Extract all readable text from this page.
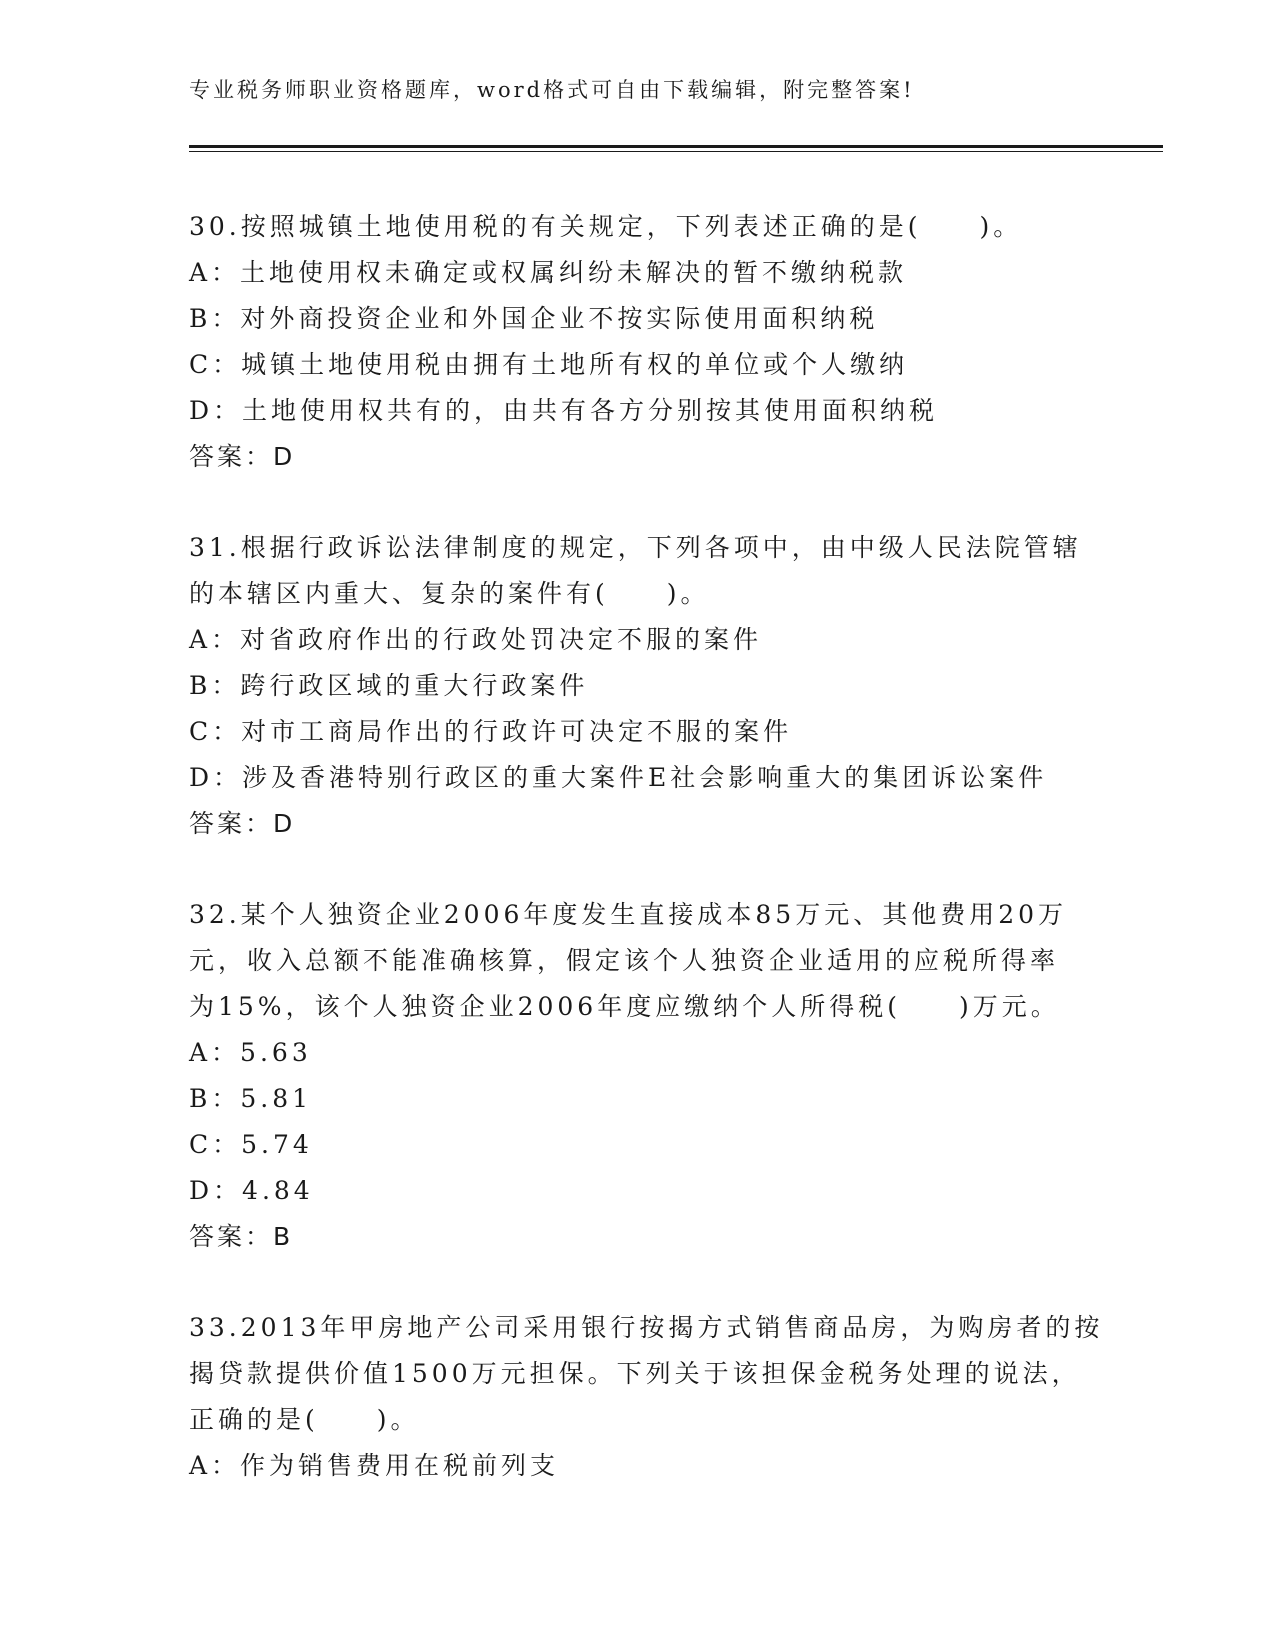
专业税务师职业资格题库，word格式可自由下载编辑，附完整答案!
30.按照城镇土地使用税的有关规定，下列表述正确的是(　　)。
A：土地使用权未确定或权属纠纷未解决的暂不缴纳税款
B：对外商投资企业和外国企业不按实际使用面积纳税
C：城镇土地使用税由拥有土地所有权的单位或个人缴纳
D：土地使用权共有的，由共有各方分别按其使用面积纳税
答案：D
31.根据行政诉讼法律制度的规定，下列各项中，由中级人民法院管辖
的本辖区内重大、复杂的案件有(　　)。
A：对省政府作出的行政处罚决定不服的案件
B：跨行政区域的重大行政案件
C：对市工商局作出的行政许可决定不服的案件
D：涉及香港特别行政区的重大案件E社会影响重大的集团诉讼案件
答案：D
32.某个人独资企业2006年度发生直接成本85万元、其他费用20万
元，收入总额不能准确核算，假定该个人独资企业适用的应税所得率
为15%，该个人独资企业2006年度应缴纳个人所得税(　　)万元。
A：5.63
B：5.81
C：5.74
D：4.84
答案：B
33.2013年甲房地产公司采用银行按揭方式销售商品房，为购房者的按
揭贷款提供价值1500万元担保。下列关于该担保金税务处理的说法，
正确的是(　　)。
A：作为销售费用在税前列支
